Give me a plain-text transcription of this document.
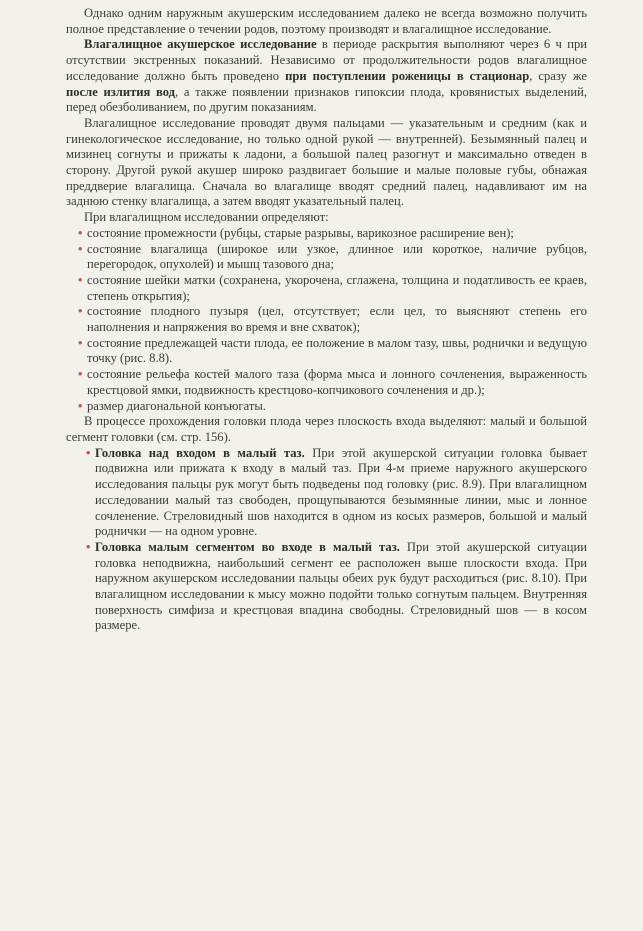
Однако одним наружным акушерским исследованием далеко не всегда возможно получить полное представление о течении родов, поэтому производят и влагалищное исследование.

Влагалищное акушерское исследование в периоде раскрытия выполняют через 6 ч при отсутствии экстренных показаний. Независимо от продолжительности родов влагалищное исследование должно быть проведено при поступлении роженицы в стационар, сразу же после излития вод, а также появлении признаков гипоксии плода, кровянистых выделений, перед обезболиванием, по другим показаниям.

Влагалищное исследование проводят двумя пальцами — указательным и средним (как и гинекологическое исследование, но только одной рукой — внутренней). Безымянный палец и мизинец согнуты и прижаты к ладони, а большой палец разогнут и максимально отведен в сторону. Другой рукой акушер широко раздвигает большие и малые половые губы, обнажая преддверие влагалища. Сначала во влагалище вводят средний палец, надавливают им на заднюю стенку влагалища, а затем вводят указательный палец.

При влагалищном исследовании определяют:

• состояние промежности (рубцы, старые разрывы, варикозное расширение вен);
• состояние влагалища (широкое или узкое, длинное или короткое, наличие рубцов, перегородок, опухолей) и мышц тазового дна;
• состояние шейки матки (сохранена, укорочена, сглажена, толщина и податливость ее краев, степень открытия);
• состояние плодного пузыря (цел, отсутствует; если цел, то выясняют степень его наполнения и напряжения во время и вне схваток);
• состояние предлежащей части плода, ее положение в малом тазу, швы, роднички и ведущую точку (рис. 8.8).
• состояние рельефа костей малого таза (форма мыса и лонного сочленения, выраженность крестцовой ямки, подвижность крестцово-копчикового сочленения и др.);
• размер диагональной конъюгаты.

В процессе прохождения головки плода через плоскость входа выделяют: малый и большой сегмент головки (см. стр. 156).

• Головка над входом в малый таз. При этой акушерской ситуации головка бывает подвижна или прижата к входу в малый таз. При 4-м приеме наружного акушерского исследования пальцы рук могут быть подведены под головку (рис. 8.9). При влагалищном исследовании малый таз свободен, прощупываются безымянные линии, мыс и лонное сочленение. Стреловидный шов находится в одном из косых размеров, большой и малый роднички — на одном уровне.
• Головка малым сегментом во входе в малый таз. При этой акушерской ситуации головка неподвижна, наибольший сегмент ее расположен выше плоскости входа. При наружном акушерском исследовании пальцы обеих рук будут расходиться (рис. 8.10). При влагалищном исследовании к мысу можно подойти только согнутым пальцем. Внутренняя поверхность симфиза и крестцовая впадина свободны. Стреловидный шов — в косом размере.
